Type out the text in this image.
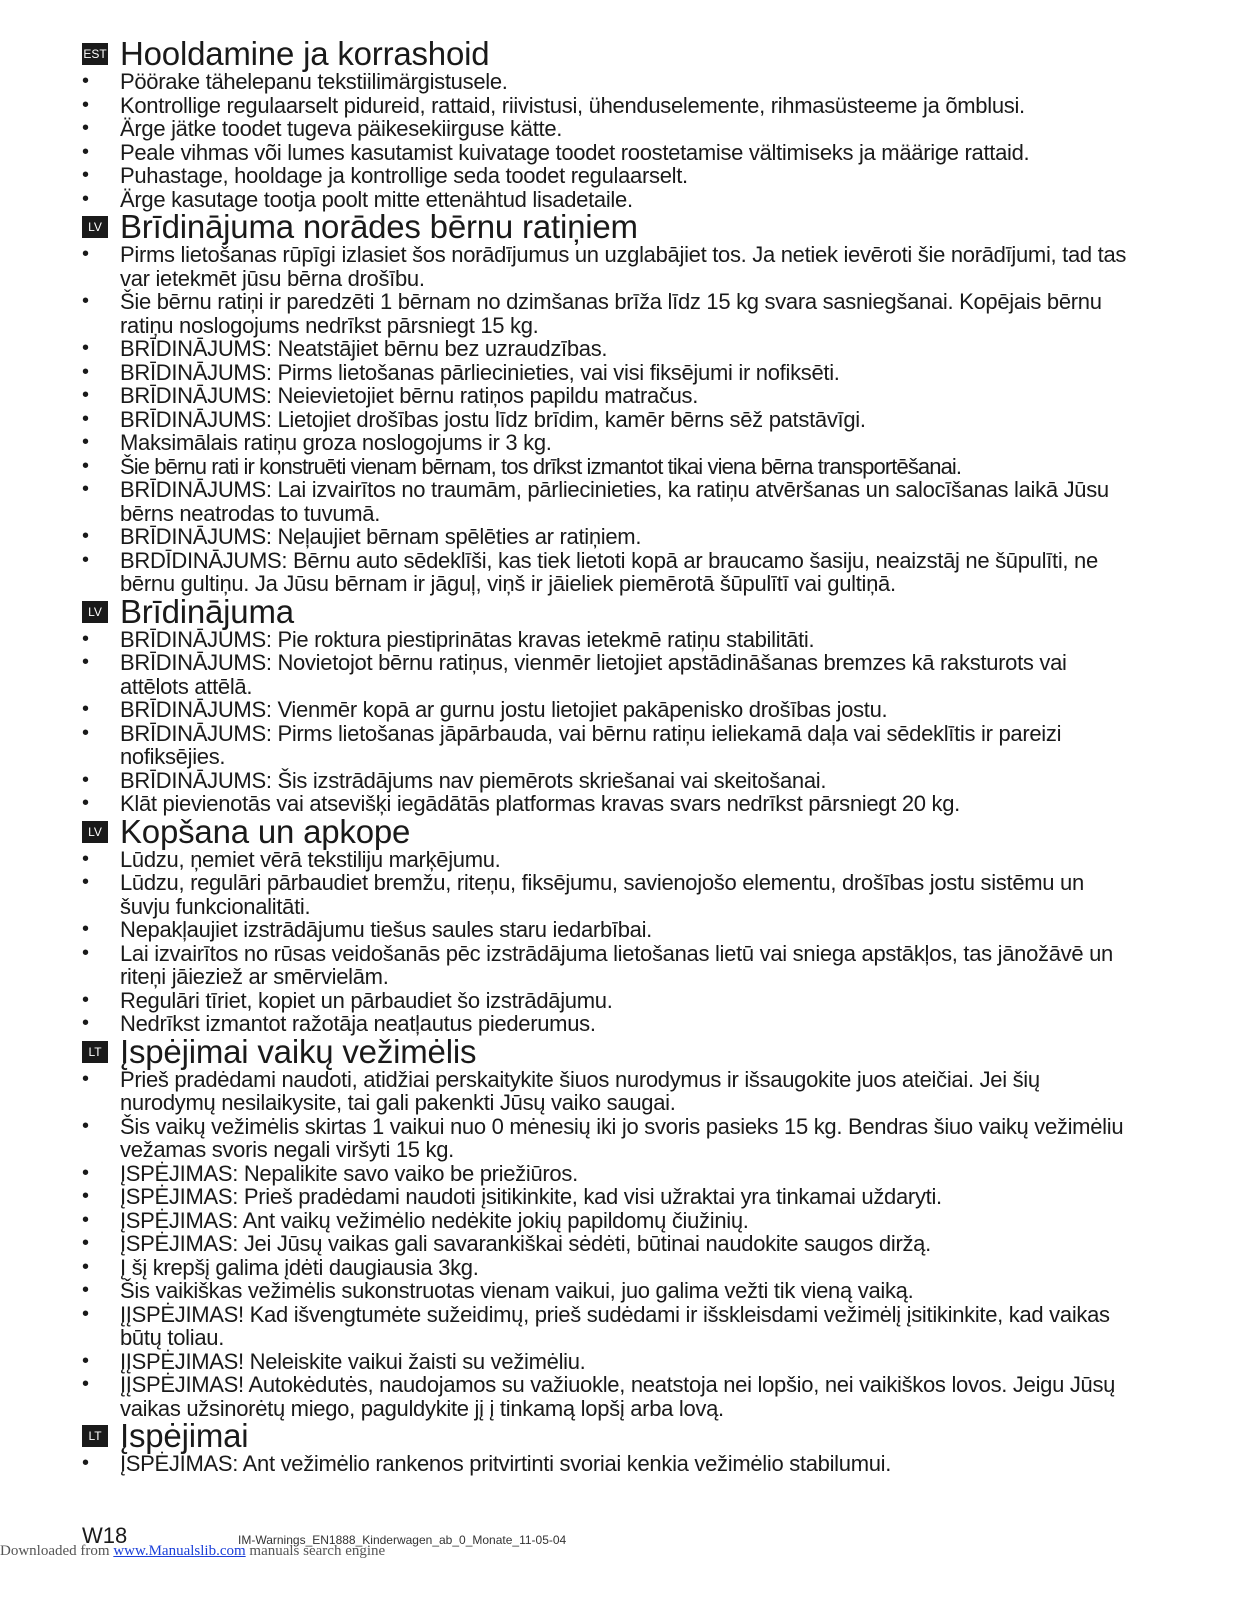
EST Hooldamine ja korrashoid
• Pöörake tähelepanu tekstiilimärgistusele.
• Kontrollige regulaarselt pidureid, rattaid, riivistusi, ühenduselemente, rihmasüsteeme ja õmblusi.
• Ärge jätke toodet tugeva päikesekiirguse kätte.
• Peale vihmas või lumes kasutamist kuivatage toodet roostetamise vältimiseks ja määrige rattaid.
• Puhastage, hooldage ja kontrollige seda toodet regulaarselt.
• Ärge kasutage tootja poolt mitte ettenähtud lisadetaile.
LV Brīdinājuma norādes bērnu ratiņiem
• Pirms lietošanas rūpīgi izlasiet šos norādījumus un uzglabājiet tos. Ja netiek ievēroti šie norādījumi, tad tas var ietekmēt jūsu bērna drošību.
• Šie bērnu ratiņi ir paredzēti 1 bērnam no dzimšanas brīža līdz 15 kg svara sasniegšanai. Kopējais bērnu ratiņu noslogojums nedrīkst pārsniegt 15 kg.
• BRĪDINĀJUMS: Neatstājiet bērnu bez uzraudzības.
• BRĪDINĀJUMS: Pirms lietošanas pārliecinieties, vai visi fiksējumi ir nofiksēti.
• BRĪDINĀJUMS: Neievietojiet bērnu ratiņos papildu matračus.
• BRĪDINĀJUMS: Lietojiet drošības jostu līdz brīdim, kamēr bērns sēž patstāvīgi.
• Maksimālais ratiņu groza noslogojums ir 3 kg.
• Šie bērnu rati ir konstruēti vienam bērnam, tos drīkst izmantot tikai viena bērna transportēšanai.
• BRĪDINĀJUMS: Lai izvairītos no traumām, pārliecinieties, ka ratiņu atvēršanas un salocīšanas laikā Jūsu bērns neatrodas to tuvumā.
• BRĪDINĀJUMS: Neļaujiet bērnam spēlēties ar ratiņiem.
• BRDĪDINĀJUMS: Bērnu auto sēdeklīši, kas tiek lietoti kopā ar braucamo šasiju, neaizstāj ne šūpulīti, ne bērnu gultiņu. Ja Jūsu bērnam ir jāguļ, viņš ir jāieliek piemērotā šūpulītī vai gultiņā.
LV Brīdinājuma
• BRĪDINĀJUMS: Pie roktura piestiprinātas kravas ietekmē ratiņu stabilitāti.
• BRĪDINĀJUMS: Novietojot bērnu ratiņus, vienmēr lietojiet apstādināšanas bremzes kā raksturots vai attēlots attēlā.
• BRĪDINĀJUMS: Vienmēr kopā ar gurnu jostu lietojiet pakāpenisko drošības jostu.
• BRĪDINĀJUMS: Pirms lietošanas jāpārbauda, vai bērnu ratiņu ieliekamā daļa vai sēdeklītis ir pareizi nofiksējies.
• BRĪDINĀJUMS: Šis izstrādājums nav piemērots skriešanai vai skeitošanai.
• Klāt pievienotās vai atsevišķi iegādātās platformas kravas svars nedrīkst pārsniegt 20 kg.
LV Kopšana un apkope
• Lūdzu, ņemiet vērā tekstiliju marķējumu.
• Lūdzu, regulāri pārbaudiet bremžu, riteņu, fiksējumu, savienojošo elementu, drošības jostu sistēmu un šuvju funkcionalitāti.
• Nepakļaujiet izstrādājumu tiešus saules staru iedarbībai.
• Lai izvairītos no rūsas veidošanās pēc izstrādājuma lietošanas lietū vai sniega apstākļos, tas jānožāvē un riteņi jāieziež ar smērvielām.
• Regulāri tīriet, kopiet un pārbaudiet šo izstrādājumu.
• Nedrīkst izmantot ražotāja neatļautus piederumus.
LT Įspėjimai vaikų vežimėlis
• Prieš pradėdami naudoti, atidžiai perskaitykite šiuos nurodymus ir išsaugokite juos ateičiai. Jei šių nurodymų nesilaikysite, tai gali pakenkti Jūsų vaiko saugai.
• Šis vaikų vežimėlis skirtas 1 vaikui nuo 0 mėnesių iki jo svoris pasieks 15 kg. Bendras šiuo vaikų vežimėliu vežamas svoris negali viršyti 15 kg.
• ĮSPĖJIMAS: Nepalikite savo vaiko be priežiūros.
• ĮSPĖJIMAS: Prieš pradėdami naudoti įsitikinkite, kad visi užraktai yra tinkamai uždaryti.
• ĮSPĖJIMAS: Ant vaikų vežimėlio nedėkite jokių papildomų čiužinių.
• ĮSPĖJIMAS: Jei Jūsų vaikas gali savarankiškai sėdėti, būtinai naudokite saugos diržą.
• Į šį krepšį galima įdėti daugiausia 3kg.
• Šis vaikiškas vežimėlis sukonstruotas vienam vaikui, juo galima vežti tik vieną vaiką.
• ĮĮSPĖJIMAS! Kad išvengtumėte sužeidimų, prieš sudėdami ir išskleisdami vežimėlį įsitikinkite, kad vaikas būtų toliau.
• ĮĮSPĖJIMAS! Neleiskite vaikui žaisti su vežimėliu.
• ĮĮSPĖJIMAS! Autokėdutės, naudojamos su važiuokle, neatstoja nei lopšio, nei vaikiškos lovos. Jeigu Jūsų vaikas užsinorėtų miego, paguldykite jį į tinkamą lopšį arba lovą.
LT Įspėjimai
• ĮSPĖJIMAS: Ant vežimėlio rankenos pritvirtinti svoriai kenkia vežimėlio stabilumui.
W18	IM-Warnings_EN1888_Kinderwagen_ab_0_Monate_11-05-04
Downloaded from www.Manualslib.com manuals search engine
